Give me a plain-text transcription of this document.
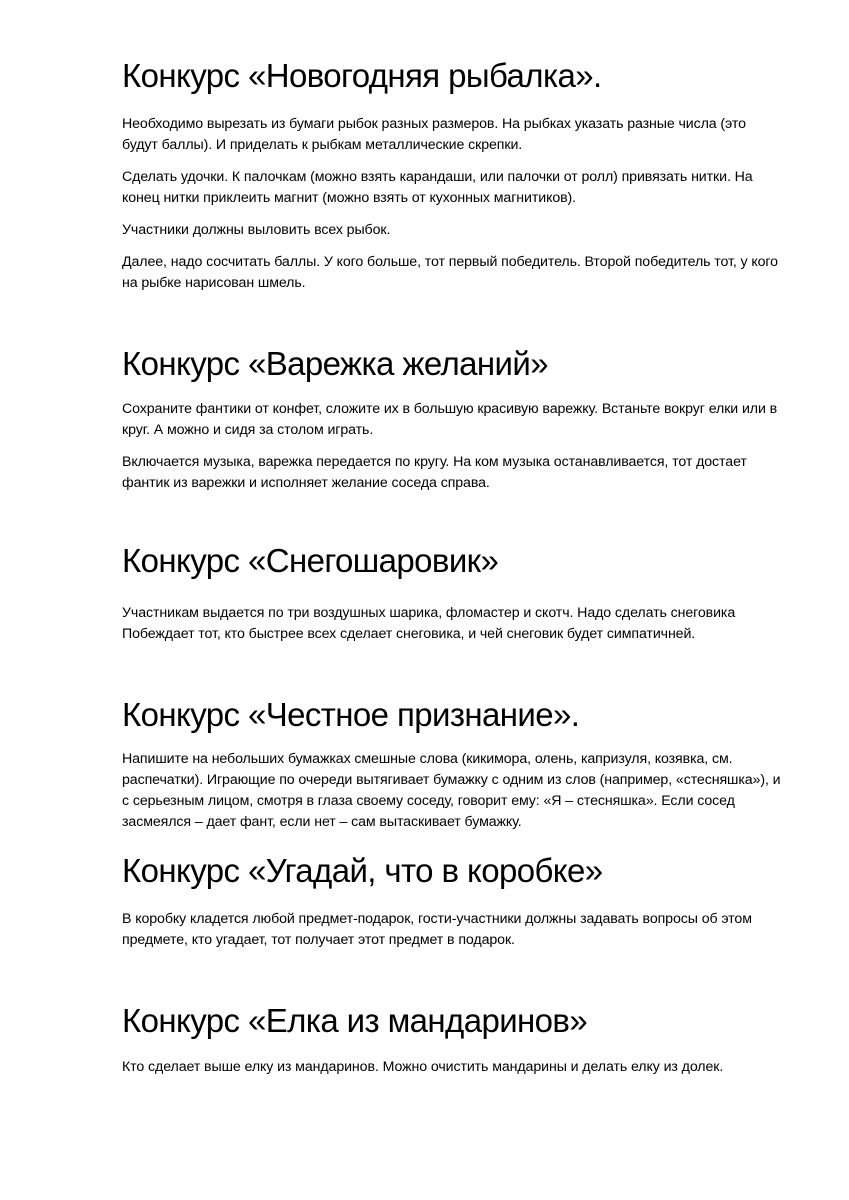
Конкурс «Новогодняя рыбалка».

Необходимо вырезать из бумаги рыбок разных размеров. На рыбках указать разные числа (это будут баллы). И приделать к рыбкам металлические скрепки.

Сделать удочки. К палочкам (можно взять карандаши, или палочки от ролл) привязать нитки. На конец нитки приклеить магнит (можно взять от кухонных магнитиков).

Участники должны выловить всех рыбок.

Далее, надо сосчитать баллы. У кого больше, тот первый победитель. Второй победитель тот, у кого на рыбке нарисован шмель.

Конкурс «Варежка желаний»

Сохраните фантики от конфет, сложите их в большую красивую варежку. Встаньте вокруг елки или в круг. А можно и сидя за столом играть.

Включается музыка, варежка передается по кругу. На ком музыка останавливается, тот достает фантик из варежки и исполняет желание соседа справа.

Конкурс «Снегошаровик»

Участникам выдается по три воздушных шарика, фломастер и скотч. Надо сделать снеговика

Побеждает тот, кто быстрее всех сделает снеговика, и чей снеговик будет симпатичней.

Конкурс «Честное признание».

Напишите на небольших бумажках смешные слова (кикимора, олень, капризуля, козявка, см. распечатки). Играющие по очереди вытягивает бумажку с одним из слов (например, «стесняшка»), и с серьезным лицом, смотря в глаза своему соседу, говорит ему: «Я – стесняшка». Если сосед засмеялся – дает фант, если нет – сам вытаскивает бумажку.

Конкурс «Угадай, что в коробке»

В коробку кладется любой предмет-подарок, гости-участники должны задавать вопросы об этом предмете, кто угадает, тот получает этот предмет в подарок.

Конкурс «Елка из мандаринов»

Кто сделает выше елку из мандаринов. Можно очистить мандарины и делать елку из долек.
